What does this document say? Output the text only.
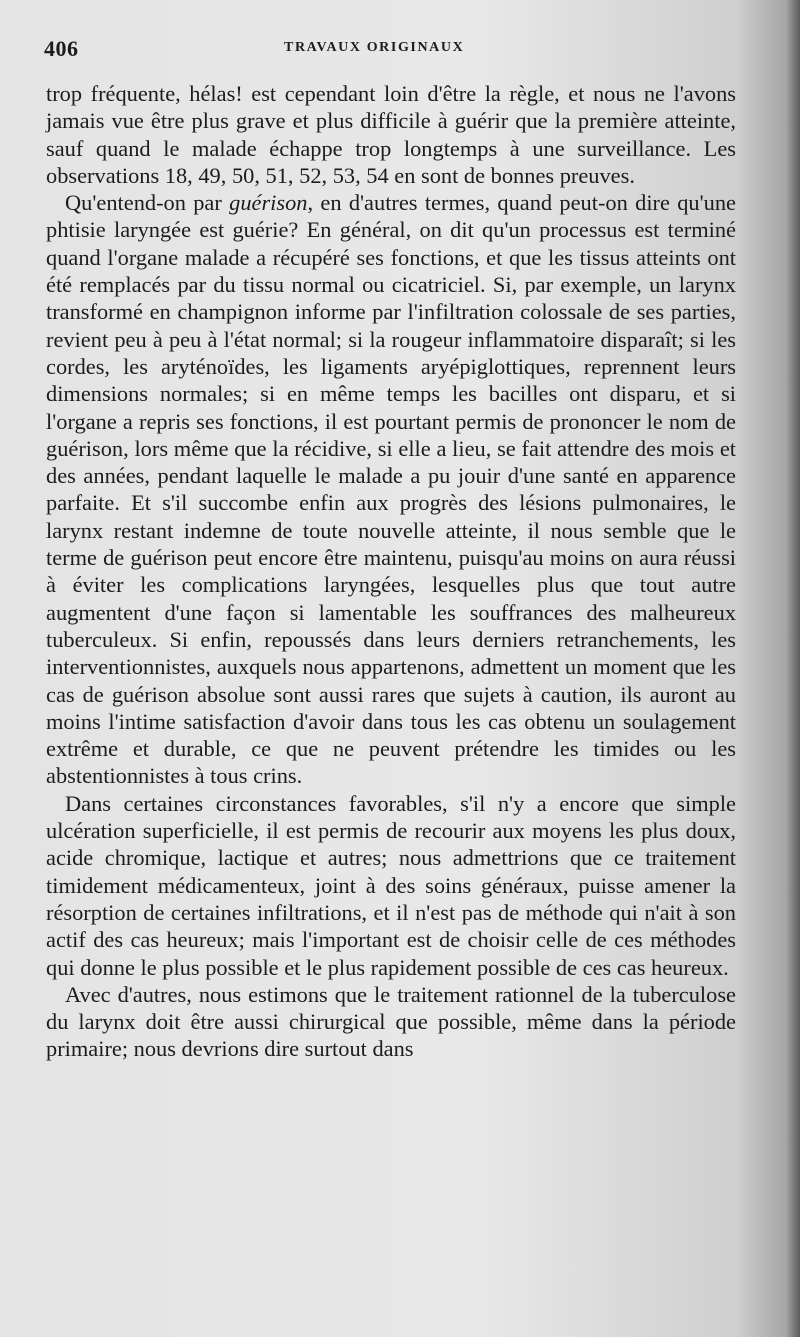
406	TRAVAUX ORIGINAUX

trop fréquente, hélas! est cependant loin d'être la règle, et nous ne l'avons jamais vue être plus grave et plus difficile à guérir que la première atteinte, sauf quand le malade échappe trop longtemps à une surveillance. Les observations 18, 49, 50, 51, 52, 53, 54 en sont de bonnes preuves.

Qu'entend-on par guérison, en d'autres termes, quand peut-on dire qu'une phtisie laryngée est guérie? En général, on dit qu'un processus est terminé quand l'organe malade a récupéré ses fonctions, et que les tissus atteints ont été remplacés par du tissu normal ou cicatriciel. Si, par exemple, un larynx transformé en champignon informe par l'infiltration colossale de ses parties, revient peu à peu à l'état normal; si la rougeur inflammatoire disparaît; si les cordes, les aryténoïdes, les ligaments aryépiglottiques, reprennent leurs dimensions normales; si en même temps les bacilles ont disparu, et si l'organe a repris ses fonctions, il est pourtant permis de prononcer le nom de guérison, lors même que la récidive, si elle a lieu, se fait attendre des mois et des années, pendant laquelle le malade a pu jouir d'une santé en apparence parfaite. Et s'il succombe enfin aux progrès des lésions pulmonaires, le larynx restant indemne de toute nouvelle atteinte, il nous semble que le terme de guérison peut encore être maintenu, puisqu'au moins on aura réussi à éviter les complications laryngées, lesquelles plus que tout autre augmentent d'une façon si lamentable les souffrances des malheureux tuberculeux. Si enfin, repoussés dans leurs derniers retranchements, les interventionnistes, auxquels nous appartenons, admettent un moment que les cas de guérison absolue sont aussi rares que sujets à caution, ils auront au moins l'intime satisfaction d'avoir dans tous les cas obtenu un soulagement extrême et durable, ce que ne peuvent prétendre les timides ou les abstentionnistes à tous crins.

Dans certaines circonstances favorables, s'il n'y a encore que simple ulcération superficielle, il est permis de recourir aux moyens les plus doux, acide chromique, lactique et autres; nous admettrions que ce traitement timidement médicamenteux, joint à des soins généraux, puisse amener la résorption de certaines infiltrations, et il n'est pas de méthode qui n'ait à son actif des cas heureux; mais l'important est de choisir celle de ces méthodes qui donne le plus possible et le plus rapidement possible de ces cas heureux.

Avec d'autres, nous estimons que le traitement rationnel de la tuberculose du larynx doit être aussi chirurgical que possible, même dans la période primaire; nous devrions dire surtout dans
